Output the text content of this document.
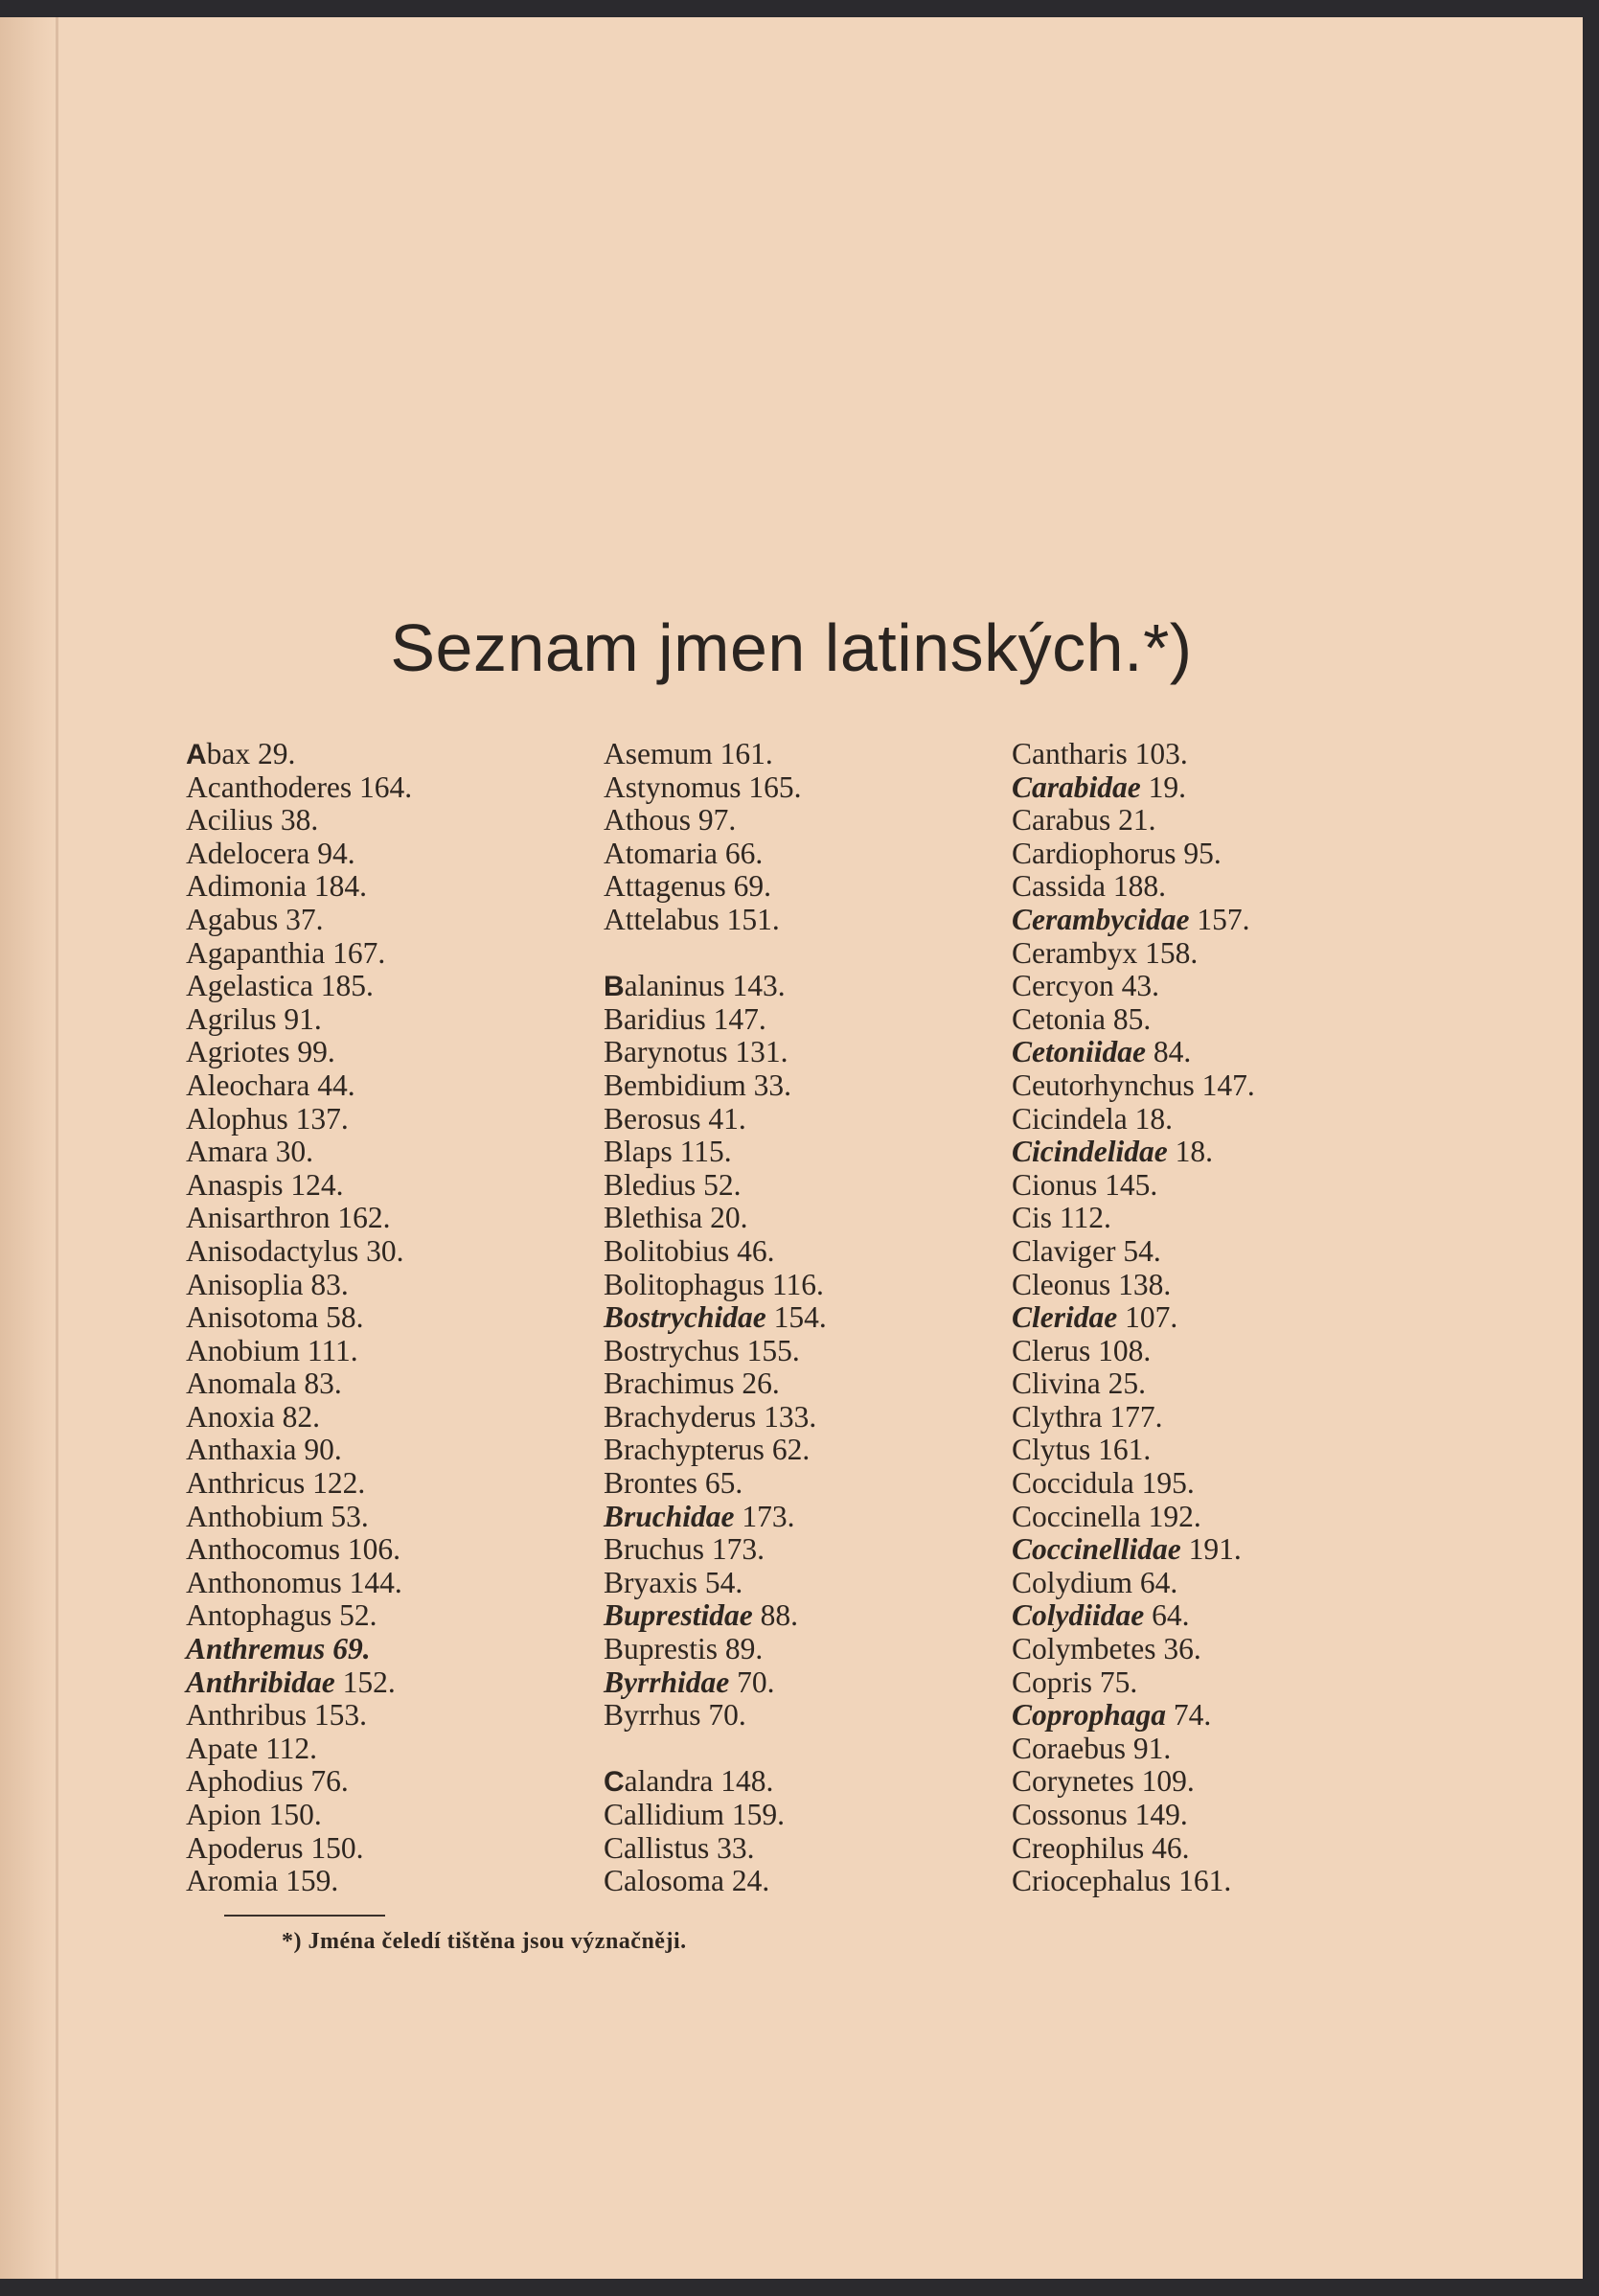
Seznam jmen latinských.*)
Abax 29.
Acanthoderes 164.
Acilius 38.
Adelocera 94.
Adimonia 184.
Agabus 37.
Agapanthia 167.
Agelastica 185.
Agrilus 91.
Agriotes 99.
Aleochara 44.
Alophus 137.
Amara 30.
Anaspis 124.
Anisarthron 162.
Anisodactylus 30.
Anisoplia 83.
Anisotoma 58.
Anobium 111.
Anomala 83.
Anoxia 82.
Anthaxia 90.
Anthricus 122.
Anthobium 53.
Anthocomus 106.
Anthonomus 144.
Antophagus 52.
Anthremus 69.
Anthribidae 152.
Anthribus 153.
Apate 112.
Aphodius 76.
Apion 150.
Apoderus 150.
Aromia 159.
Asemum 161.
Astynomus 165.
Athous 97.
Atomaria 66.
Attagenus 69.
Attelabus 151.
Balaninus 143.
Baridius 147.
Barynotus 131.
Bembidium 33.
Berosus 41.
Blaps 115.
Bledius 52.
Blethisa 20.
Bolitobius 46.
Bolitophagus 116.
Bostrychidae 154.
Bostrychus 155.
Brachimus 26.
Brachyderus 133.
Brachypterus 62.
Brontes 65.
Bruchidae 173.
Bruchus 173.
Bryaxis 54.
Buprestidae 88.
Buprestis 89.
Byrrhidae 70.
Byrrhus 70.
Calandra 148.
Callidium 159.
Callistus 33.
Calosoma 24.
Cantharis 103.
Carabidae 19.
Carabus 21.
Cardiophorus 95.
Cassida 188.
Cerambycidae 157.
Cerambyx 158.
Cercyon 43.
Cetonia 85.
Cetoniidae 84.
Ceutorhynchus 147.
Cicindela 18.
Cicindelidae 18.
Cionus 145.
Cis 112.
Claviger 54.
Cleonus 138.
Cleridae 107.
Clerus 108.
Clivina 25.
Clythra 177.
Clytus 161.
Coccidula 195.
Coccinella 192.
Coccinellidae 191.
Colydium 64.
Colydiidae 64.
Colymbetes 36.
Copris 75.
Coprophaga 74.
Coraebus 91.
Corynetes 109.
Cossonus 149.
Creophilus 46.
Criocephalus 161.
*) Jména čeledí tištěna jsou význačněji.
